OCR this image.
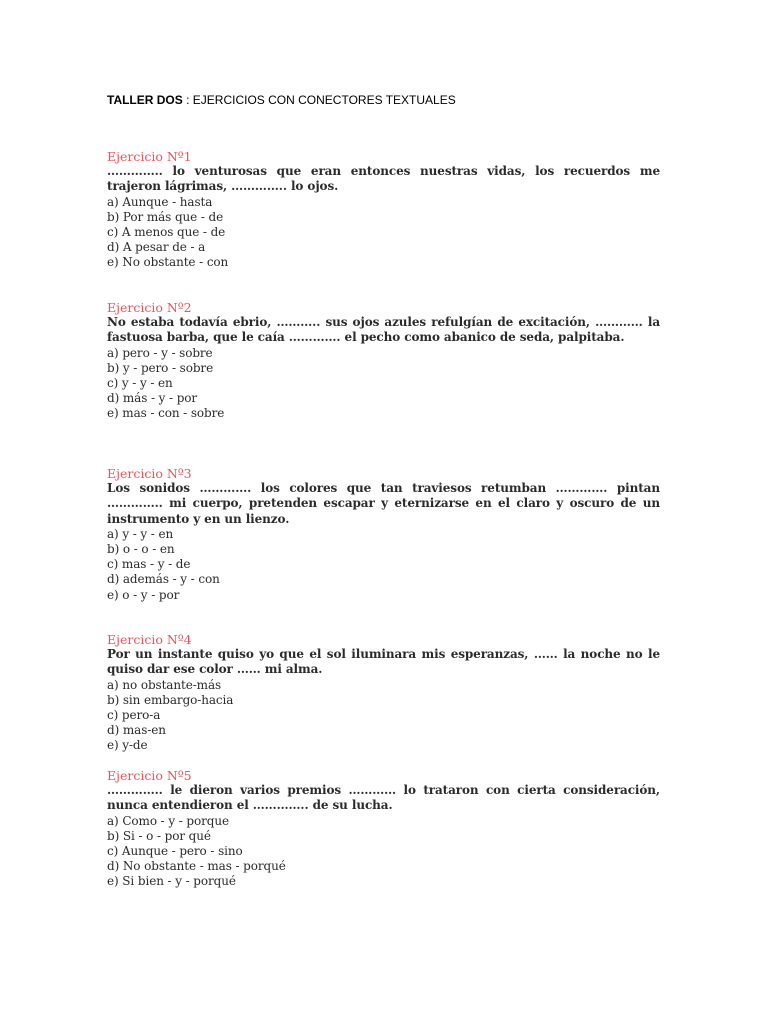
TALLER DOS : EJERCICIOS CON CONECTORES TEXTUALES
Ejercicio Nº1

………….. lo venturosas que eran entonces nuestras vidas, los recuerdos me trajeron lágrimas, ………….. lo ojos.

a) Aunque - hasta
b) Por más que - de
c) A menos que - de
d) A pesar de - a
e) No obstante - con
Ejercicio Nº2

No estaba todavía ebrio, ……….. sus ojos azules refulgían de excitación, ………… la fastuosa barba, que le caía …………. el pecho como abanico de seda, palpitaba.

a) pero - y - sobre
b) y - pero - sobre
c) y - y - en
d) más - y - por
e) mas - con - sobre
Ejercicio Nº3

Los sonidos …………. los colores que tan traviesos retumban …………. pintan ………….. mi cuerpo, pretenden escapar y eternizarse en el claro y oscuro de un instrumento y en un lienzo.

a) y - y - en
b) o - o - en
c) mas - y - de
d) además - y - con
e) o - y - por
Ejercicio Nº4

Por un instante quiso yo que el sol iluminara mis esperanzas, …… la noche no le quiso dar ese color …… mi alma.

a) no obstante-más
b) sin embargo-hacia
c) pero-a
d) mas-en
e) y-de
Ejercicio Nº5

………….. le dieron varios premios ………… lo trataron con cierta consideración, nunca entendieron el ………….. de su lucha.

a) Como - y - porque
b) Si - o - por qué
c) Aunque - pero - sino
d) No obstante - mas - porqué
e) Si bien - y - porqué
